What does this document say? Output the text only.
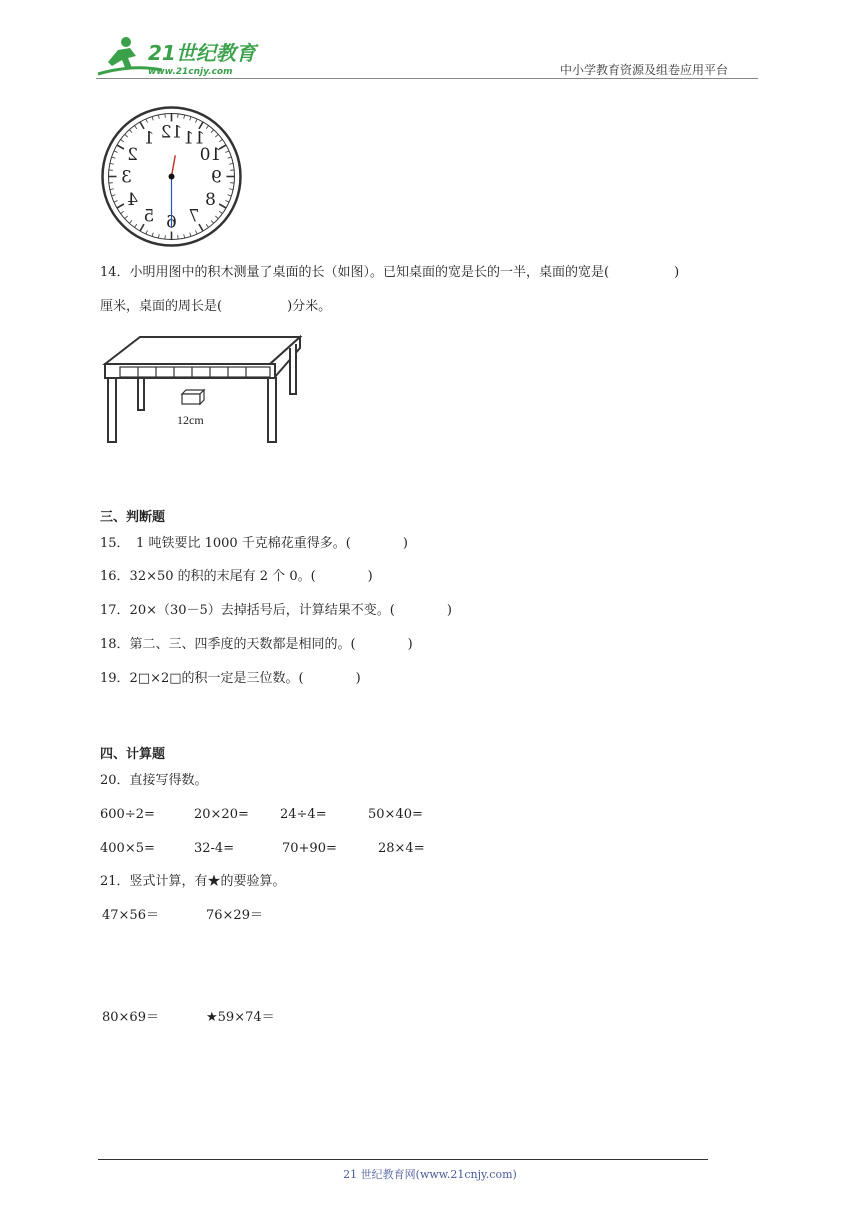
21世纪教育
www.21cnjy.com	中小学教育资源及组卷应用平台
1
2
3
4
5 6 7
8
9
10
11
12
14．小明用图中的积木测量了桌面的长（如图）。已知桌面的宽是长的一半，桌面的宽是(　　　　　)
厘米，桌面的周长是(　　　　　)分米。
12cm
三、判断题
15．　1 吨铁要比 1000 千克棉花重得多。(　　　　)
16．32×50 的积的末尾有 2 个 0。(　　　　)
17．20×（30－5）去掉括号后，计算结果不变。(　　　　)
18．第二、三、四季度的天数都是相同的。(　　　　)
19．2□×2□的积一定是三位数。(　　　　)
四、计算题
20．直接写得数。
600÷2=	20×20= 24÷4=	50×40=
400×5=	32-4=	70+90=	28×4=
21．竖式计算，有★的要验算。
47×56＝	76×29＝
80×69＝	★59×74＝
21 世纪教育网(www.21cnjy.com)
